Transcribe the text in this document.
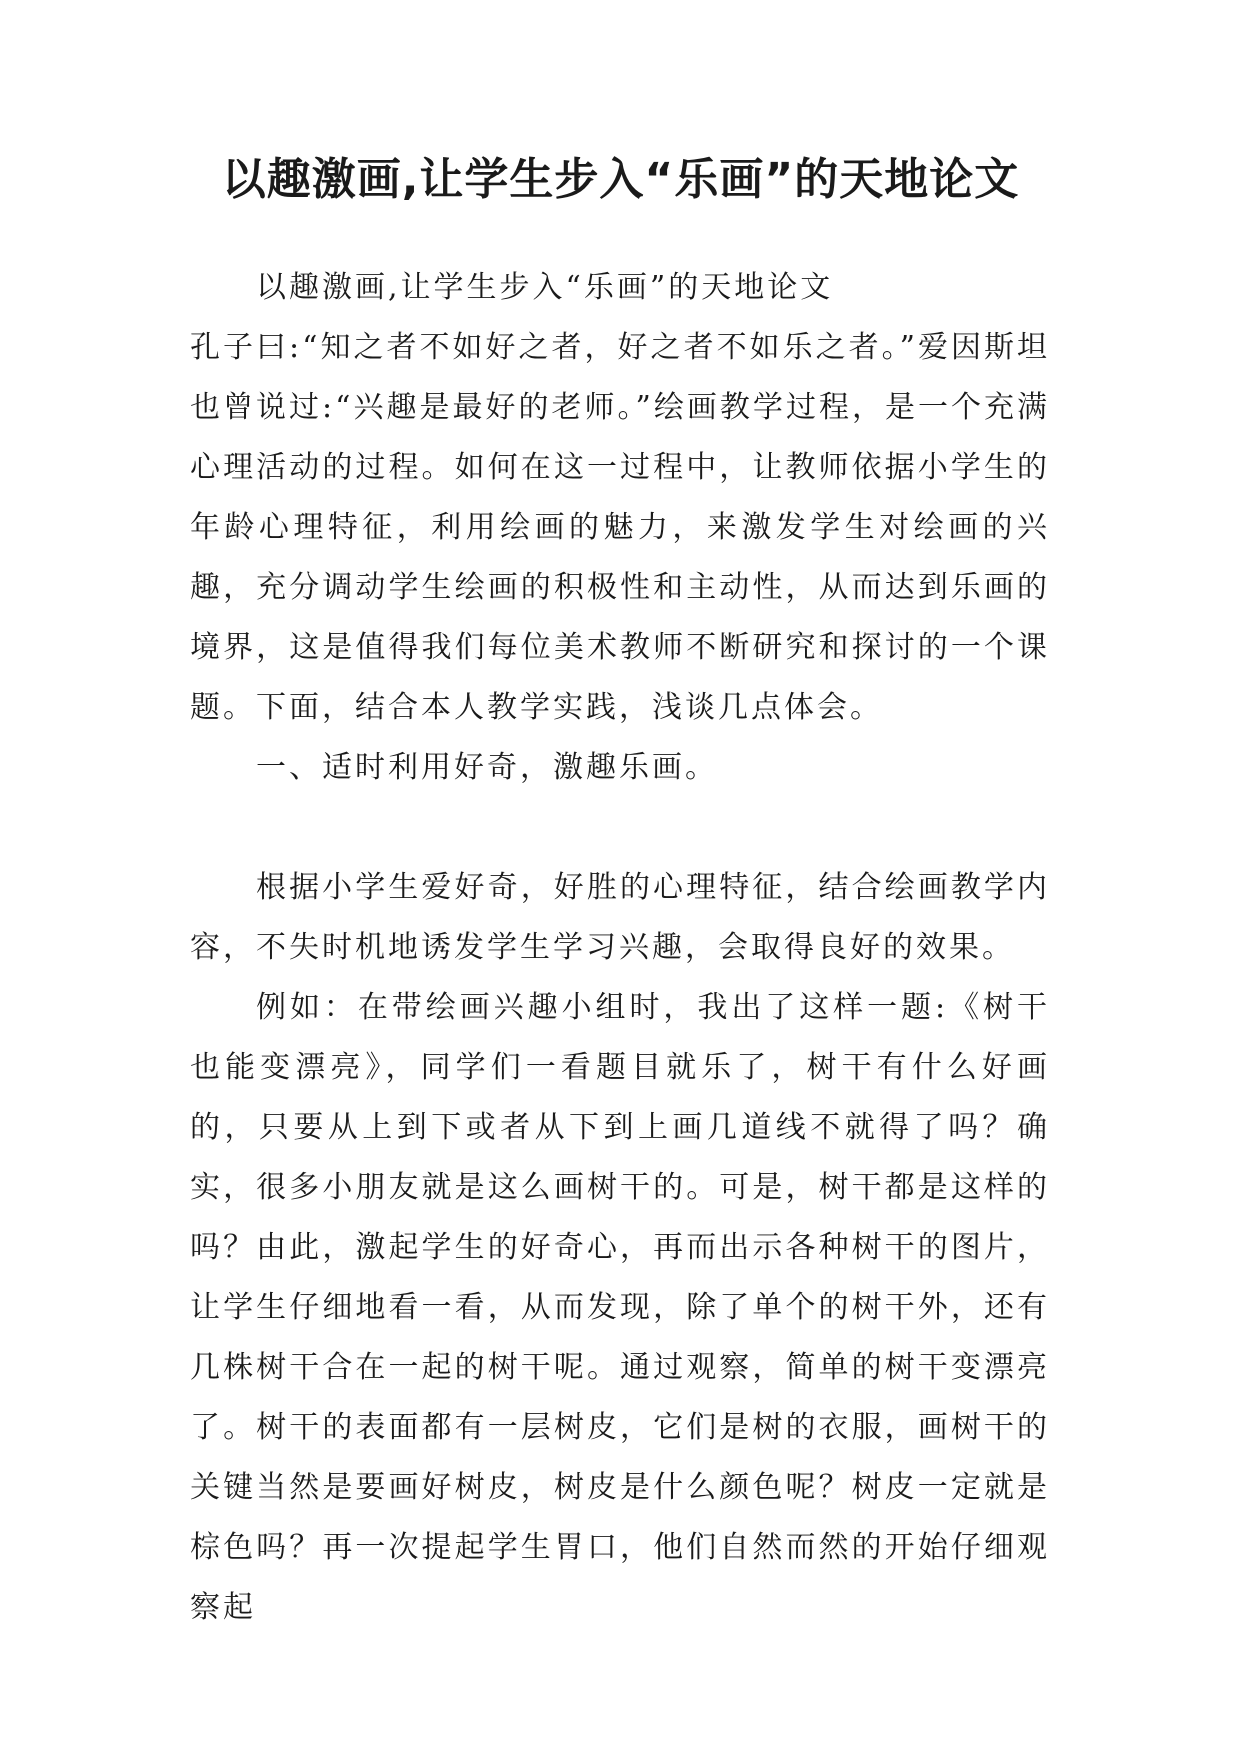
以趣激画,让学生步入“乐画”的天地论文

以趣激画,让学生步入“乐画”的天地论文

孔子曰:“知之者不如好之者，好之者不如乐之者。”爱因斯坦也曾说过:“兴趣是最好的老师。”绘画教学过程，是一个充满心理活动的过程。如何在这一过程中，让教师依据小学生的年龄心理特征，利用绘画的魅力，来激发学生对绘画的兴趣，充分调动学生绘画的积极性和主动性，从而达到乐画的境界，这是值得我们每位美术教师不断研究和探讨的一个课题。下面，结合本人教学实践，浅谈几点体会。

一、适时利用好奇，激趣乐画。

根据小学生爱好奇，好胜的心理特征，结合绘画教学内容，不失时机地诱发学生学习兴趣，会取得良好的效果。

例如：在带绘画兴趣小组时，我出了这样一题:《树干也能变漂亮》，同学们一看题目就乐了，树干有什么好画的，只要从上到下或者从下到上画几道线不就得了吗？确实，很多小朋友就是这么画树干的。可是，树干都是这样的吗？由此，激起学生的好奇心，再而出示各种树干的图片，让学生仔细地看一看，从而发现，除了单个的树干外，还有几株树干合在一起的树干呢。通过观察，简单的树干变漂亮了。树干的表面都有一层树皮，它们是树的衣服，画树干的关键当然是要画好树皮，树皮是什么颜色呢？树皮一定就是棕色吗？再一次提起学生胃口，他们自然而然的开始仔细观察起
